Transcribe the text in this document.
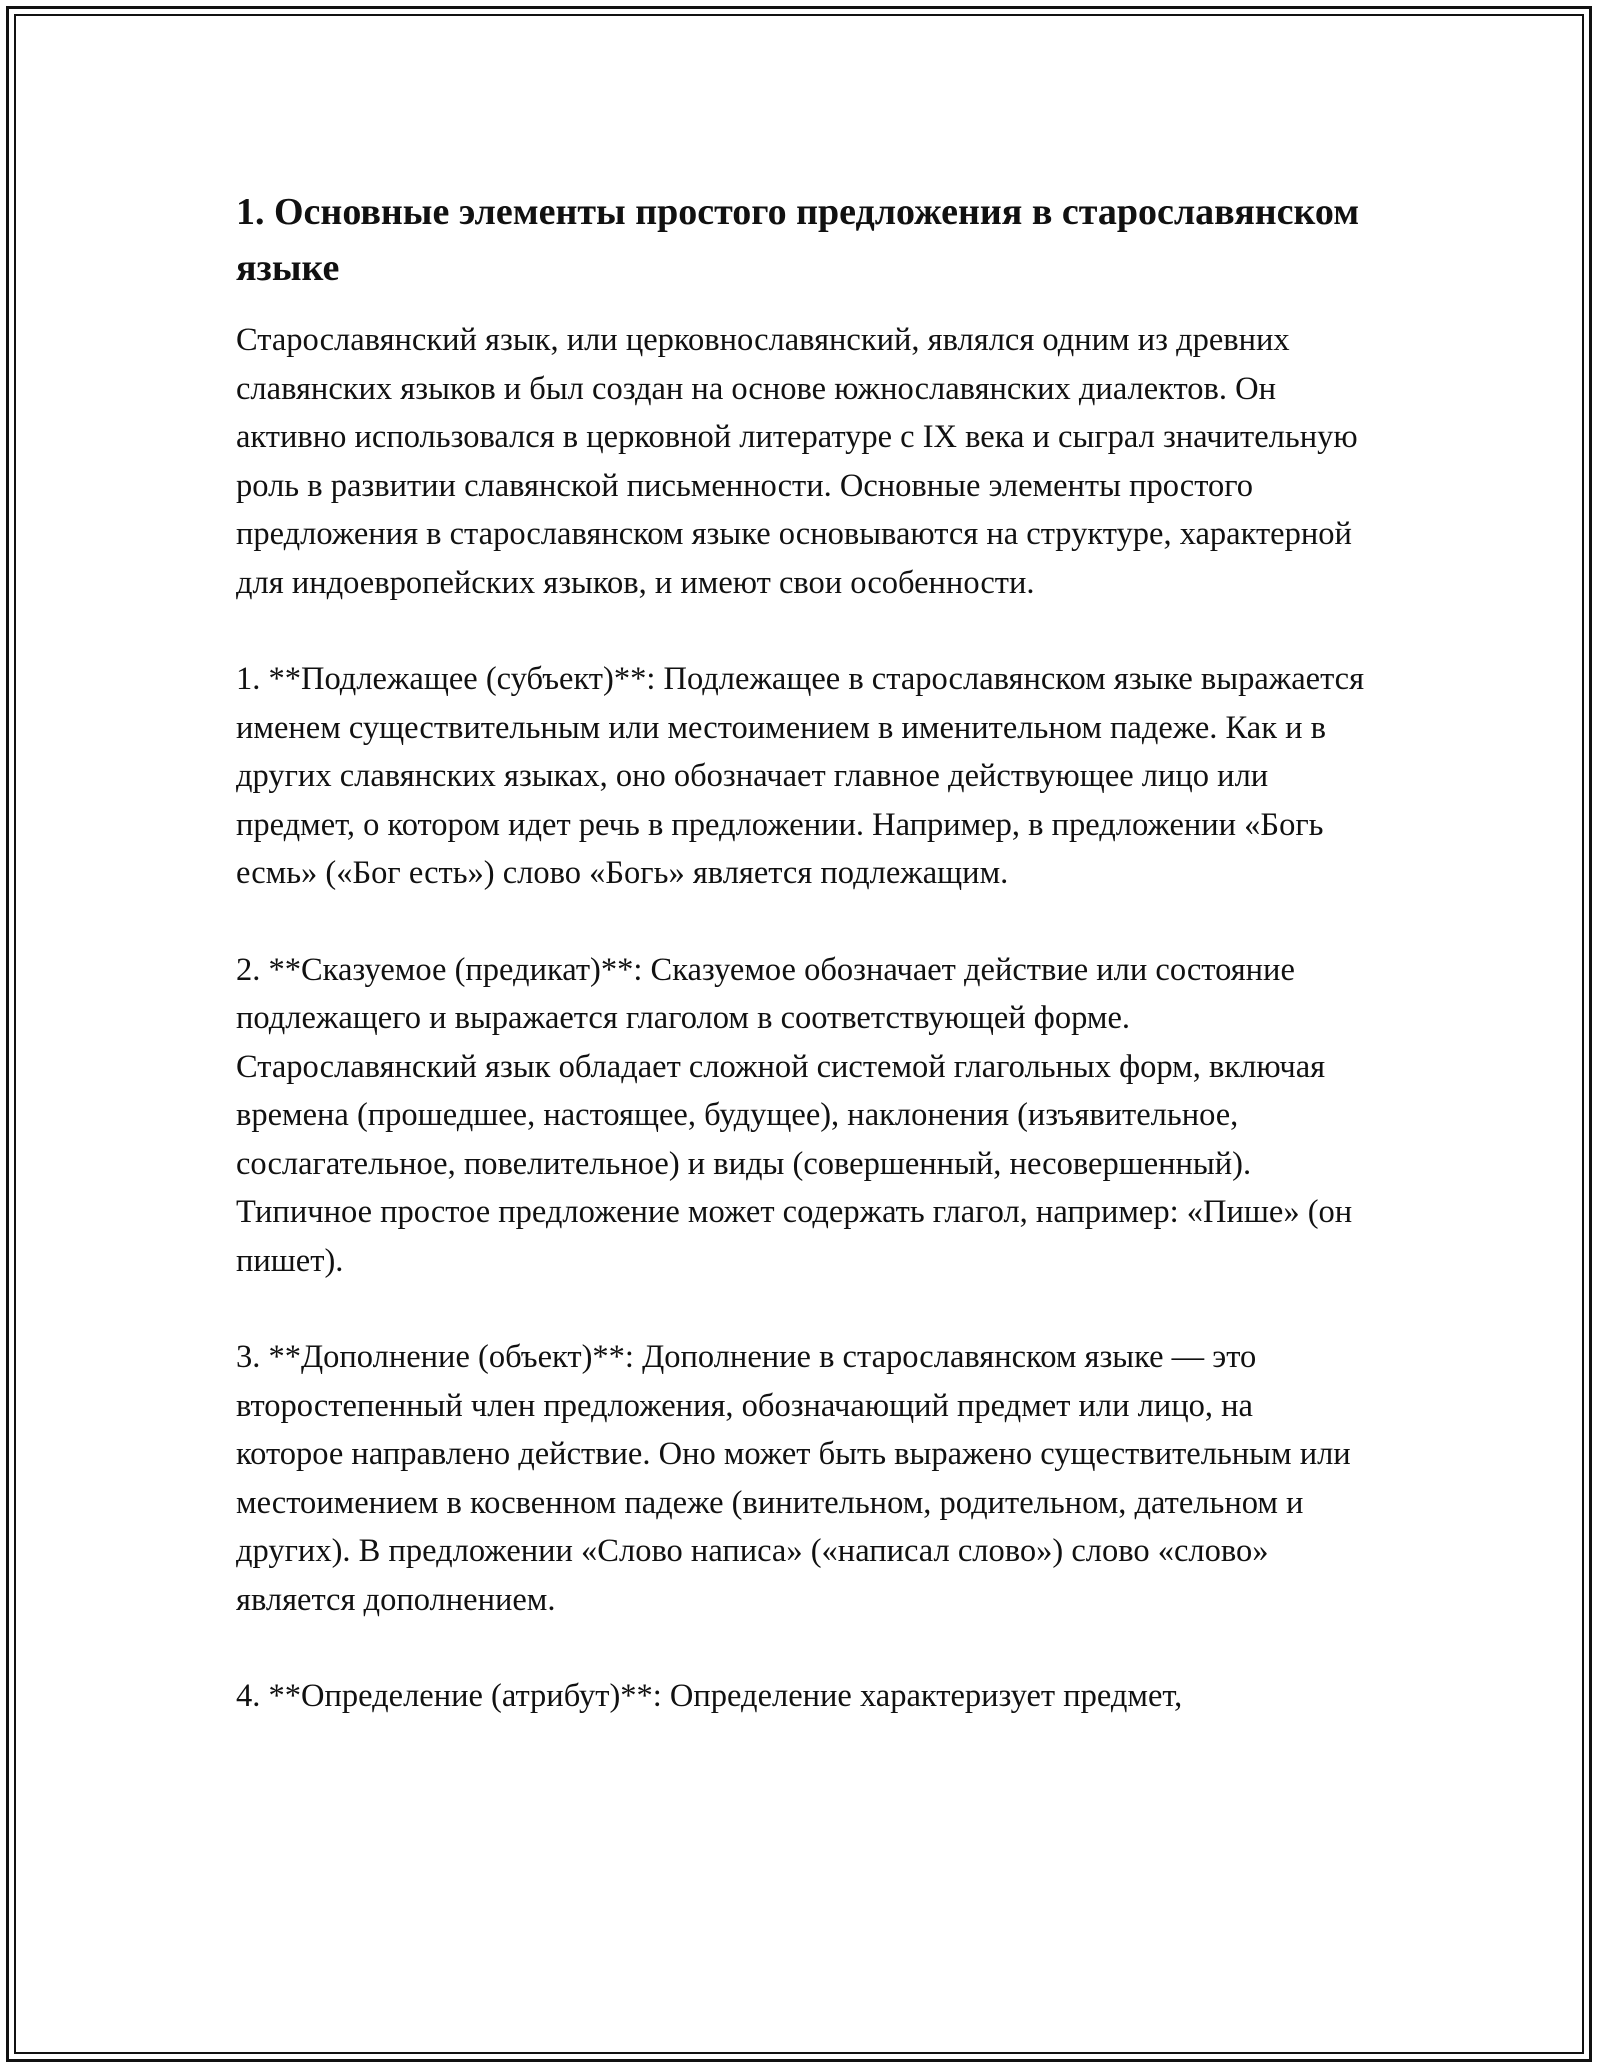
1. Основные элементы простого предложения в старославянском языке

Старославянский язык, или церковнославянский, являлся одним из древних славянских языков и был создан на основе южнославянских диалектов. Он активно использовался в церковной литературе с IX века и сыграл значительную роль в развитии славянской письменности. Основные элементы простого предложения в старославянском языке основываются на структуре, характерной для индоевропейских языков, и имеют свои особенности.

1. **Подлежащее (субъект)**: Подлежащее в старославянском языке выражается именем существительным или местоимением в именительном падеже. Как и в других славянских языках, оно обозначает главное действующее лицо или предмет, о котором идет речь в предложении. Например, в предложении «Богь есмь» («Бог есть») слово «Богь» является подлежащим.

2. **Сказуемое (предикат)**: Сказуемое обозначает действие или состояние подлежащего и выражается глаголом в соответствующей форме. Старославянский язык обладает сложной системой глагольных форм, включая времена (прошедшее, настоящее, будущее), наклонения (изъявительное, сослагательное, повелительное) и виды (совершенный, несовершенный). Типичное простое предложение может содержать глагол, например: «Пише» (он пишет).

3. **Дополнение (объект)**: Дополнение в старославянском языке — это второстепенный член предложения, обозначающий предмет или лицо, на которое направлено действие. Оно может быть выражено существительным или местоимением в косвенном падеже (винительном, родительном, дательном и других). В предложении «Слово написа» («написал слово») слово «слово» является дополнением.

4. **Определение (атрибут)**: Определение характеризует предмет,
